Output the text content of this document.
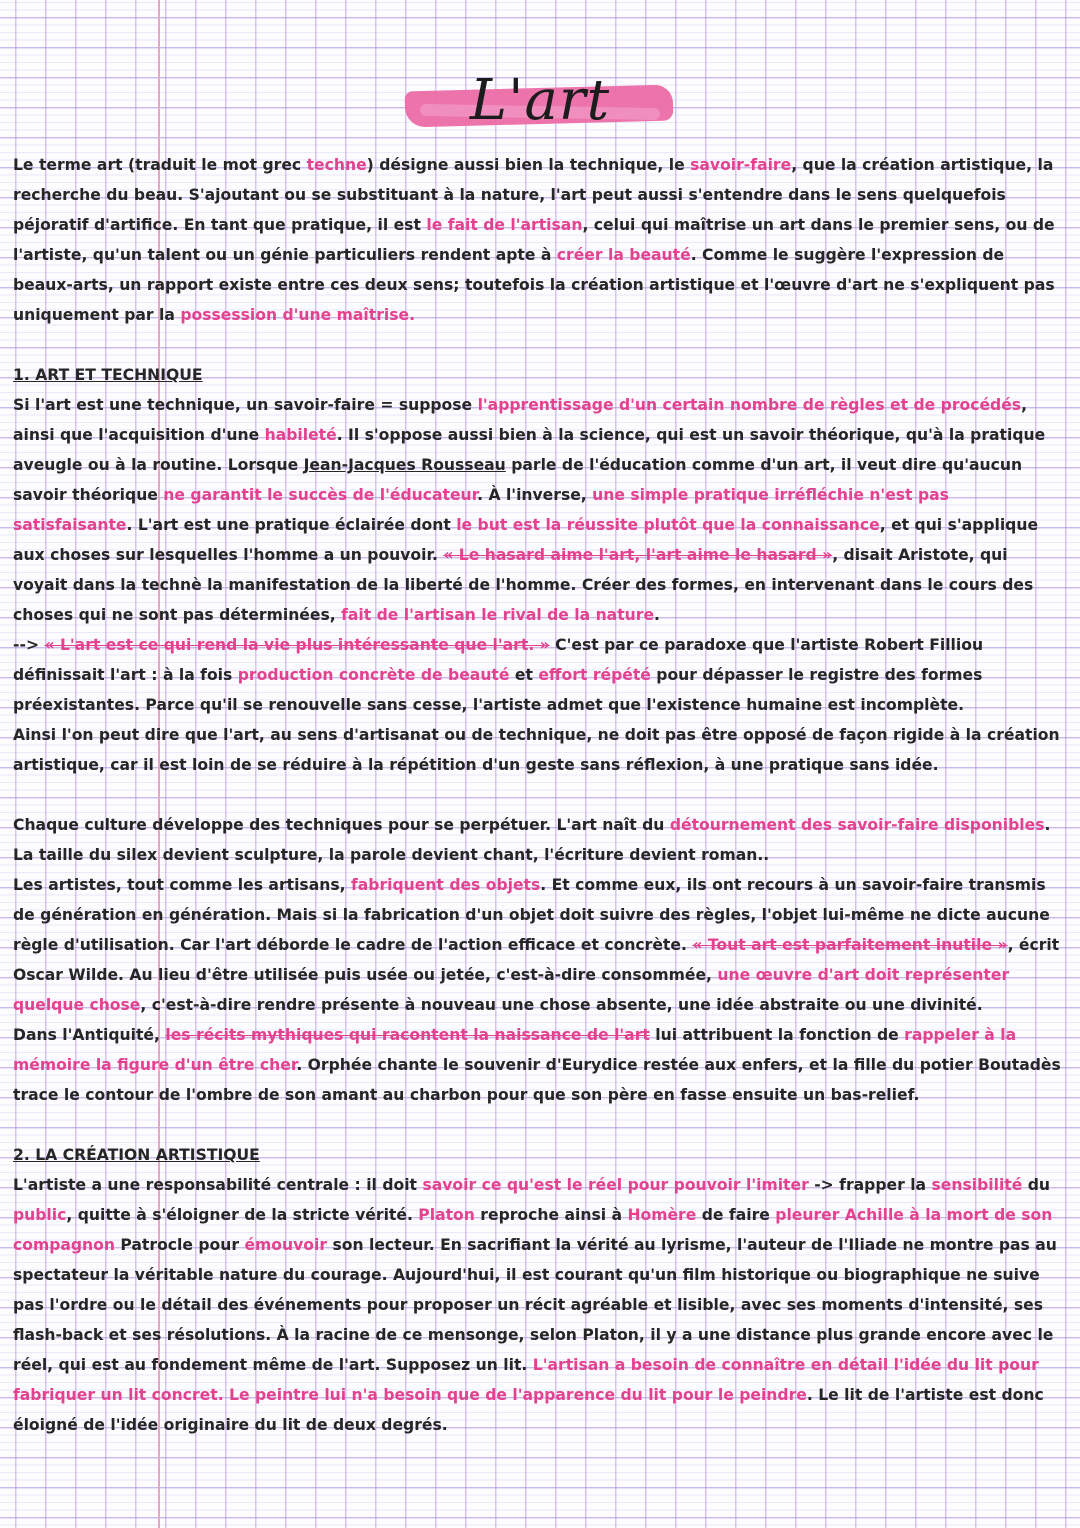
L'art

Le terme art (traduit le mot grec techne) désigne aussi bien la technique, le savoir-faire, que la création artistique, la recherche du beau. S'ajoutant ou se substituant à la nature, l'art peut aussi s'entendre dans le sens quelquefois péjoratif d'artifice. En tant que pratique, il est le fait de l'artisan, celui qui maîtrise un art dans le premier sens, ou de l'artiste, qu'un talent ou un génie particuliers rendent apte à créer la beauté. Comme le suggère l'expression de beaux-arts, un rapport existe entre ces deux sens; toutefois la création artistique et l'œuvre d'art ne s'expliquent pas uniquement par la possession d'une maîtrise.

1. ART ET TECHNIQUE

Si l'art est une technique, un savoir-faire = suppose l'apprentissage d'un certain nombre de règles et de procédés, ainsi que l'acquisition d'une habileté. Il s'oppose aussi bien à la science, qui est un savoir théorique, qu'à la pratique aveugle ou à la routine. Lorsque Jean-Jacques Rousseau parle de l'éducation comme d'un art, il veut dire qu'aucun savoir théorique ne garantit le succès de l'éducateur. À l'inverse, une simple pratique irréfléchie n'est pas satisfaisante. L'art est une pratique éclairée dont le but est la réussite plutôt que la connaissance, et qui s'applique aux choses sur lesquelles l'homme a un pouvoir. « Le hasard aime l'art, l'art aime le hasard », disait Aristote, qui voyait dans la technè la manifestation de la liberté de l'homme. Créer des formes, en intervenant dans le cours des choses qui ne sont pas déterminées, fait de l'artisan le rival de la nature.

--> « L'art est ce qui rend la vie plus intéressante que l'art. » C'est par ce paradoxe que l'artiste Robert Filliou définissait l'art : à la fois production concrète de beauté et effort répété pour dépasser le registre des formes préexistantes. Parce qu'il se renouvelle sans cesse, l'artiste admet que l'existence humaine est incomplète.

Ainsi l'on peut dire que l'art, au sens d'artisanat ou de technique, ne doit pas être opposé de façon rigide à la création artistique, car il est loin de se réduire à la répétition d'un geste sans réflexion, à une pratique sans idée.

Chaque culture développe des techniques pour se perpétuer. L'art naît du détournement des savoir-faire disponibles. La taille du silex devient sculpture, la parole devient chant, l'écriture devient roman..

Les artistes, tout comme les artisans, fabriquent des objets. Et comme eux, ils ont recours à un savoir-faire transmis de génération en génération. Mais si la fabrication d'un objet doit suivre des règles, l'objet lui-même ne dicte aucune règle d'utilisation. Car l'art déborde le cadre de l'action efficace et concrète. « Tout art est parfaitement inutile », écrit Oscar Wilde. Au lieu d'être utilisée puis usée ou jetée, c'est-à-dire consommée, une œuvre d'art doit représenter quelque chose, c'est-à-dire rendre présente à nouveau une chose absente, une idée abstraite ou une divinité.

Dans l'Antiquité, les récits mythiques qui racontent la naissance de l'art lui attribuent la fonction de rappeler à la mémoire la figure d'un être cher. Orphée chante le souvenir d'Eurydice restée aux enfers, et la fille du potier Boutadès trace le contour de l'ombre de son amant au charbon pour que son père en fasse ensuite un bas-relief.

2. LA CRÉATION ARTISTIQUE

L'artiste a une responsabilité centrale : il doit savoir ce qu'est le réel pour pouvoir l'imiter -> frapper la sensibilité du public, quitte à s'éloigner de la stricte vérité. Platon reproche ainsi à Homère de faire pleurer Achille à la mort de son compagnon Patrocle pour émouvoir son lecteur. En sacrifiant la vérité au lyrisme, l'auteur de l'Iliade ne montre pas au spectateur la véritable nature du courage. Aujourd'hui, il est courant qu'un film historique ou biographique ne suive pas l'ordre ou le détail des événements pour proposer un récit agréable et lisible, avec ses moments d'intensité, ses flash-back et ses résolutions. À la racine de ce mensonge, selon Platon, il y a une distance plus grande encore avec le réel, qui est au fondement même de l'art. Supposez un lit. L'artisan a besoin de connaître en détail l'idée du lit pour fabriquer un lit concret. Le peintre lui n'a besoin que de l'apparence du lit pour le peindre. Le lit de l'artiste est donc éloigné de l'idée originaire du lit de deux degrés.
